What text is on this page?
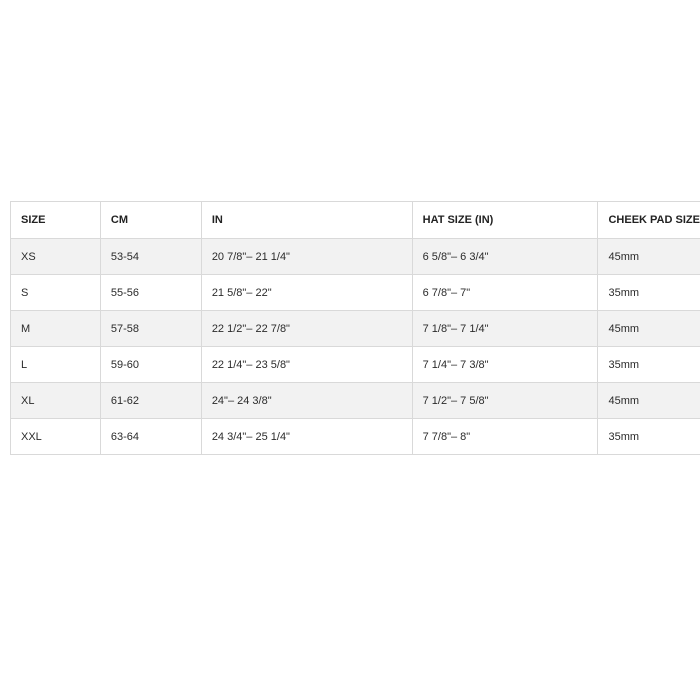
SIZE	CM	IN	HAT SIZE (IN)	CHEEK PAD SIZE
XS	53-54	20 7/8"– 21 1/4"	6 5/8"– 6 3/4"	45mm
S	55-56	21 5/8"– 22"	6 7/8"– 7"	35mm
M	57-58	22 1/2"– 22 7/8"	7 1/8"– 7 1/4"	45mm
L	59-60	22 1/4"– 23 5/8"	7 1/4"– 7 3/8"	35mm
XL	61-62	24"– 24 3/8"	7 1/2"– 7 5/8"	45mm
XXL	63-64	24 3/4"– 25 1/4"	7 7/8"– 8"	35mm
